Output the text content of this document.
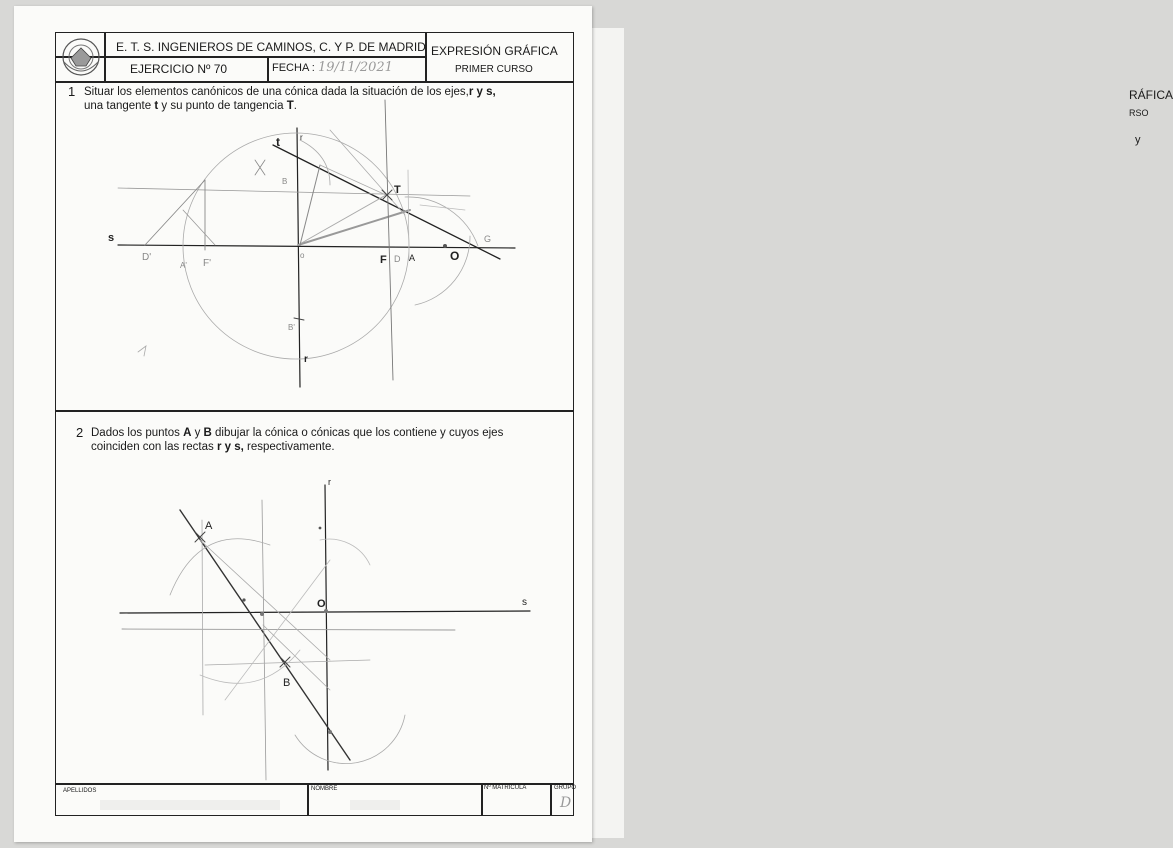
RÁFICA
RSO
y
E. T. S. INGENIEROS DE CAMINOS, C. Y P. DE MADRID EXPRESIÓN GRÁFICA
EJERCICIO Nº 70	FECHA : 19/11/2021	PRIMER CURSO
1 Situar los elementos canónicos de una cónica dada la situación de los ejes,r y s,
una tangente t y su punto de tangencia T.
2 Dados los puntos A y B dibujar la cónica o cónicas que los contiene y cuyos ejes
coinciden con las rectas r y s, respectivamente.
APELLIDOS	NOMBRE	Nº MATRÍCULA	GRUPO
D
s
r
r
t
T
D'
A' F'	F D A	O
G
o
B'
B
r
s
O
A
B
